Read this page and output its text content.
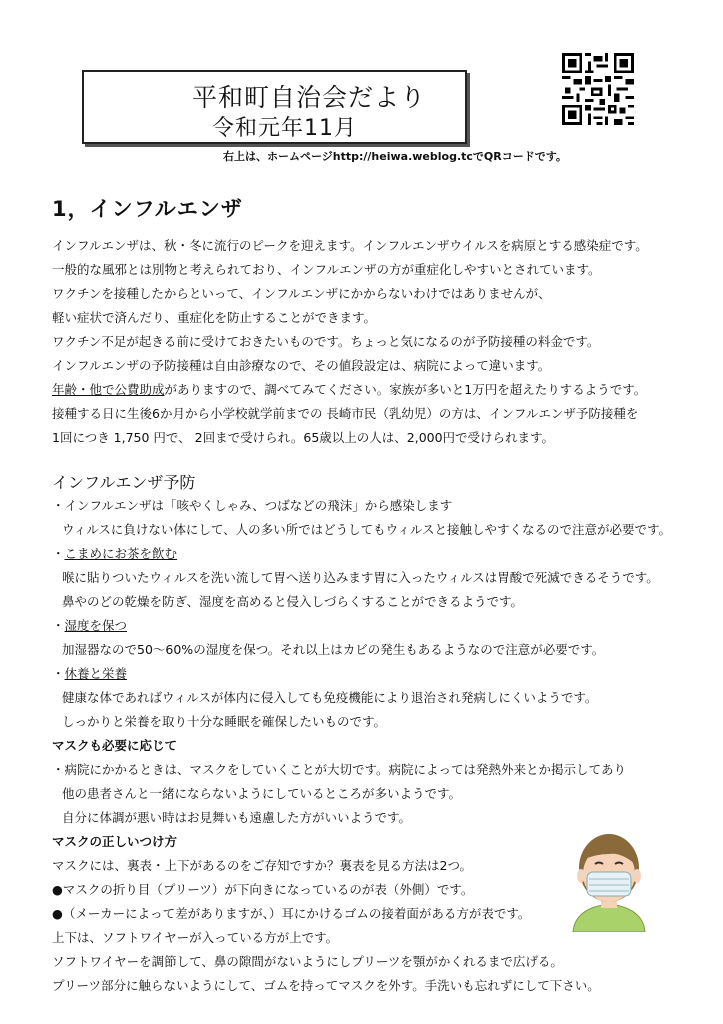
平和町自治会だより
令和元年11月
右上は、ホームページhttp://heiwa.weblog.tcでQRコードです。
1，インフルエンザ

インフルエンザは、秋・冬に流行のピークを迎えます。インフルエンザウイルスを病原とする感染症です。

一般的な風邪とは別物と考えられており、インフルエンザの方が重症化しやすいとされています。

ワクチンを接種したからといって、インフルエンザにかからないわけではありませんが、

軽い症状で済んだり、重症化を防止することができます。

ワクチン不足が起きる前に受けておきたいものです。ちょっと気になるのが予防接種の料金です。

インフルエンザの予防接種は自由診療なので、その値段設定は、病院によって違います。

年齢・他で公費助成がありますので、調べてみてください。家族が多いと1万円を超えたりするようです。

接種する日に生後6か月から小学校就学前までの 長崎市民（乳幼児）の方は、インフルエンザ予防接種を

1回につき 1,750 円で、 2回まで受けられ。65歳以上の人は、2,000円で受けられます。

インフルエンザ予防

・インフルエンザは「咳やくしゃみ、つばなどの飛沫」から感染します

ウィルスに負けない体にして、人の多い所ではどうしてもウィルスと接触しやすくなるので注意が必要です。

・こまめにお茶を飲む

喉に貼りついたウィルスを洗い流して胃へ送り込みます胃に入ったウィルスは胃酸で死滅できるそうです。

鼻やのどの乾燥を防ぎ、湿度を高めると侵入しづらくすることができるようです。

・湿度を保つ

加湿器なので50～60%の湿度を保つ。それ以上はカビの発生もあるようなので注意が必要です。

・休養と栄養

健康な体であればウィルスが体内に侵入しても免疫機能により退治され発病しにくいようです。

しっかりと栄養を取り十分な睡眠を確保したいものです。

マスクも必要に応じて

・病院にかかるときは、マスクをしていくことが大切です。病院によっては発熱外来とか掲示してあり

他の患者さんと一緒にならないようにしているところが多いようです。

自分に体調が悪い時はお見舞いも遠慮した方がいいようです。

マスクの正しいつけ方

マスクには、裏表・上下があるのをご存知ですか？裏表を見る方法は2つ。

●マスクの折り目（プリーツ）が下向きになっているのが表（外側）です。

●（メーカーによって差がありますが、）耳にかけるゴムの接着面がある方が表です。

上下は、ソフトワイヤーが入っている方が上です。

ソフトワイヤーを調節して、鼻の隙間がないようにしプリーツを顎がかくれるまで広げる。

プリーツ部分に触らないようにして、ゴムを持ってマスクを外す。手洗いも忘れずにして下さい。
